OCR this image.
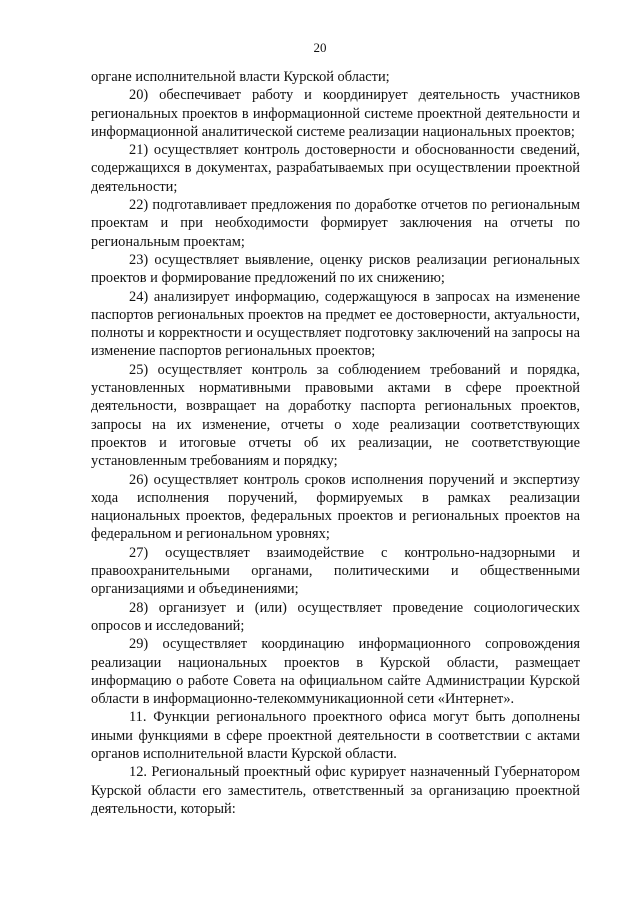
20

органе исполнительной власти Курской области;

20) обеспечивает работу и координирует деятельность участников региональных проектов в информационной системе проектной деятельности и информационной аналитической системе реализации национальных проектов;

21) осуществляет контроль достоверности и обоснованности сведений, содержащихся в документах, разрабатываемых при осуществлении проектной деятельности;

22) подготавливает предложения по доработке отчетов по региональным проектам и при необходимости формирует заключения на отчеты по региональным проектам;

23) осуществляет выявление, оценку рисков реализации региональных проектов и формирование предложений по их снижению;

24) анализирует информацию, содержащуюся в запросах на изменение паспортов региональных проектов на предмет ее достоверности, актуальности, полноты и корректности и осуществляет подготовку заключений на запросы на изменение паспортов региональных проектов;

25) осуществляет контроль за соблюдением требований и порядка, установленных нормативными правовыми актами в сфере проектной деятельности, возвращает на доработку паспорта региональных проектов, запросы на их изменение, отчеты о ходе реализации соответствующих проектов и итоговые отчеты об их реализации, не соответствующие установленным требованиям и порядку;

26) осуществляет контроль сроков исполнения поручений и экспертизу хода исполнения поручений, формируемых в рамках реализации национальных проектов, федеральных проектов и региональных проектов на федеральном и региональном уровнях;

27) осуществляет взаимодействие с контрольно-надзорными и правоохранительными органами, политическими и общественными организациями и объединениями;

28) организует и (или) осуществляет проведение социологических опросов и исследований;

29) осуществляет координацию информационного сопровождения реализации национальных проектов в Курской области, размещает информацию о работе Совета на официальном сайте Администрации Курской области в информационно-телекоммуникационной сети «Интернет».

11. Функции регионального проектного офиса могут быть дополнены иными функциями в сфере проектной деятельности в соответствии с актами органов исполнительной власти Курской области.

12. Региональный проектный офис курирует назначенный Губернатором Курской области его заместитель, ответственный за организацию проектной деятельности, который:
